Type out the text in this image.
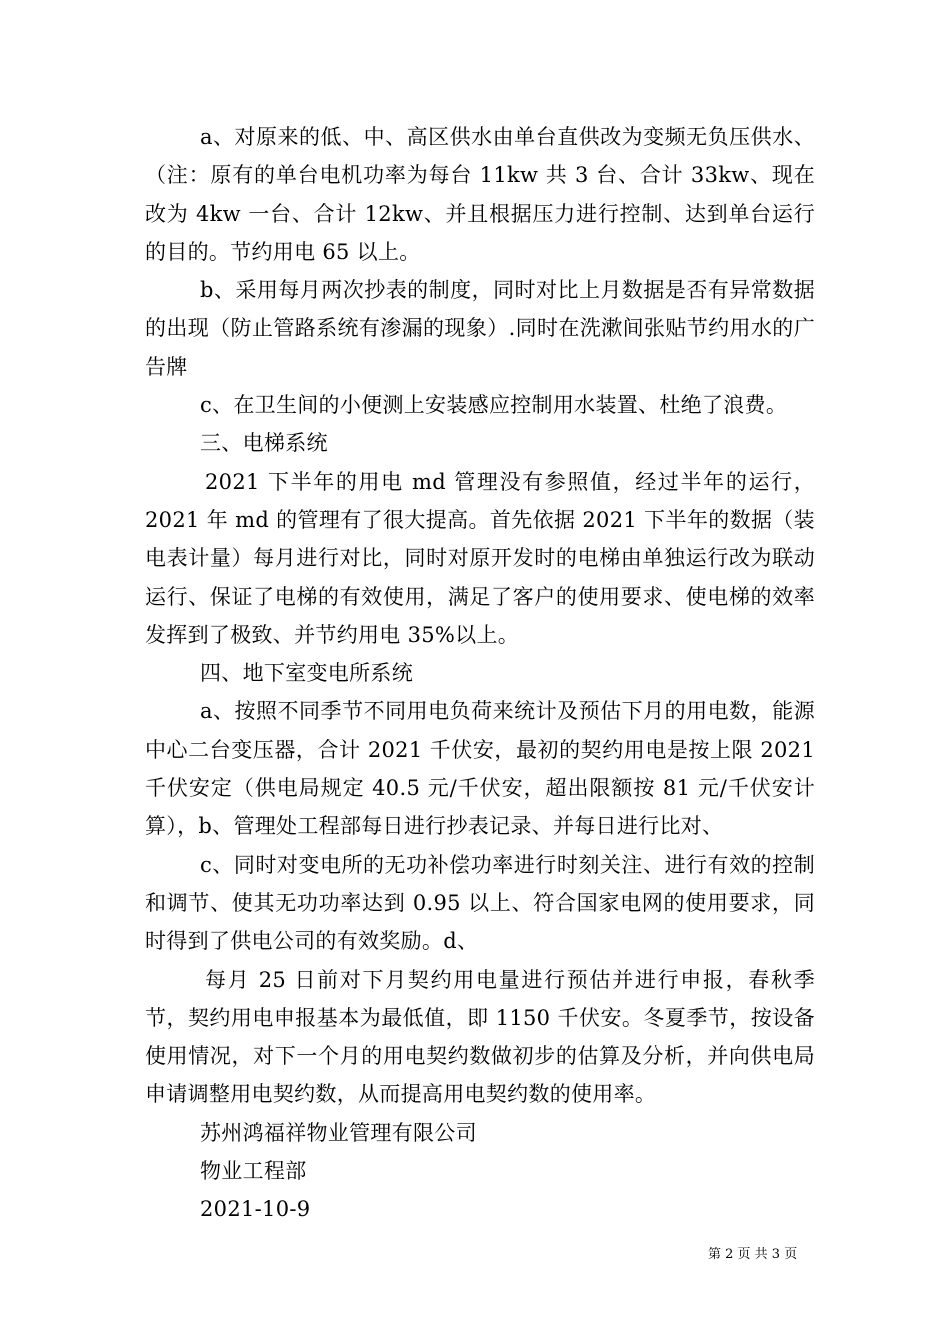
a、对原来的低、中、高区供水由单台直供改为变频无负压供水、（注：原有的单台电机功率为每台 11kw 共 3 台、合计 33kw、现在改为 4kw 一台、合计 12kw、并且根据压力进行控制、达到单台运行的目的。节约用电 65 以上。

b、采用每月两次抄表的制度，同时对比上月数据是否有异常数据的出现（防止管路系统有渗漏的现象）.同时在洗漱间张贴节约用水的广告牌

c、在卫生间的小便测上安装感应控制用水装置、杜绝了浪费。

三、电梯系统

2021 下半年的用电 md 管理没有参照值，经过半年的运行，2021 年 md 的管理有了很大提高。首先依据 2021 下半年的数据（装电表计量）每月进行对比，同时对原开发时的电梯由单独运行改为联动运行、保证了电梯的有效使用，满足了客户的使用要求、使电梯的效率发挥到了极致、并节约用电 35%以上。

四、地下室变电所系统

a、按照不同季节不同用电负荷来统计及预估下月的用电数，能源中心二台变压器，合计 2021 千伏安，最初的契约用电是按上限 2021 千伏安定（供电局规定 40.5 元/千伏安，超出限额按 81 元/千伏安计算），b、管理处工程部每日进行抄表记录、并每日进行比对、

c、同时对变电所的无功补偿功率进行时刻关注、进行有效的控制和调节、使其无功功率达到 0.95 以上、符合国家电网的使用要求，同时得到了供电公司的有效奖励。d、

每月 25 日前对下月契约用电量进行预估并进行申报，春秋季节，契约用电申报基本为最低值，即 1150 千伏安。冬夏季节，按设备使用情况，对下一个月的用电契约数做初步的估算及分析，并向供电局申请调整用电契约数，从而提高用电契约数的使用率。

苏州鸿福祥物业管理有限公司

物业工程部

2021-10-9

第 2 页 共 3 页
